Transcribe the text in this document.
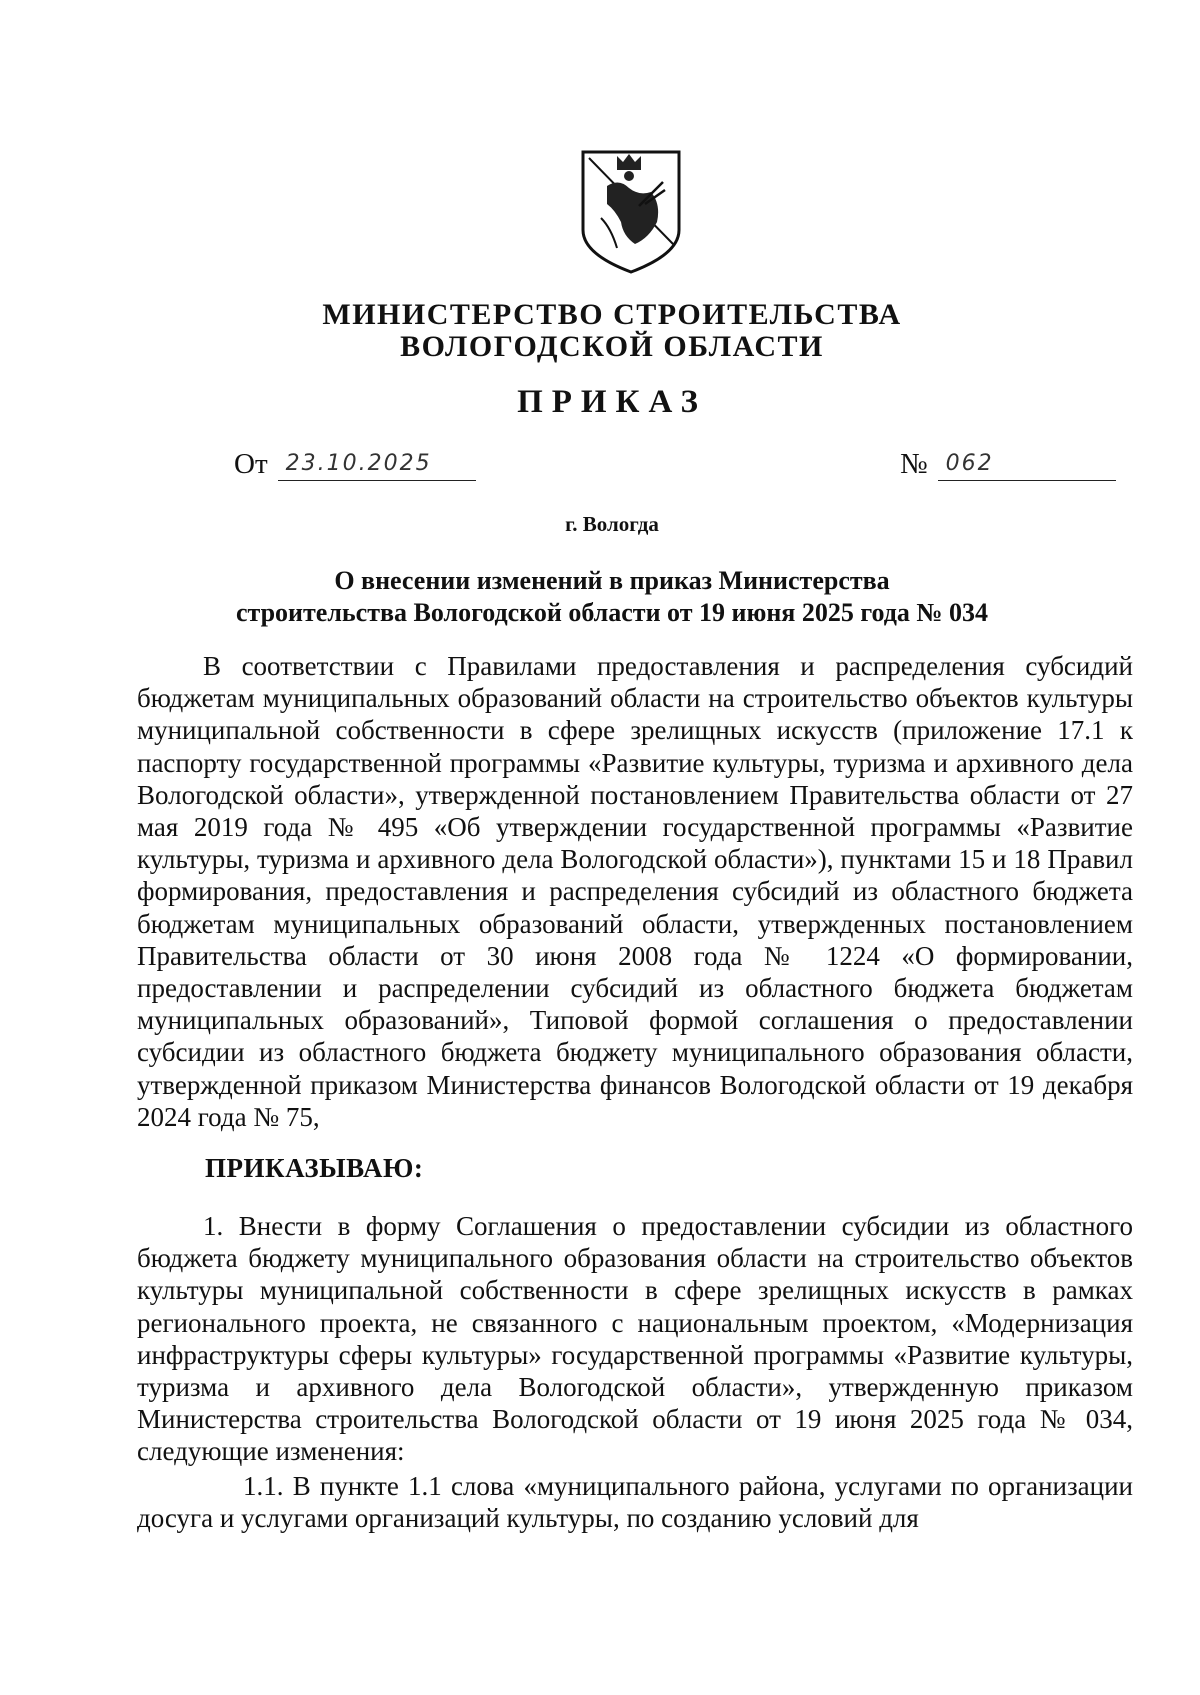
МИНИСТЕРСТВО СТРОИТЕЛЬСТВА
ВОЛОГОДСКОЙ ОБЛАСТИ
ПРИКАЗ
От 23.10.2025	№ 062
г. Вологда
О внесении изменений в приказ Министерства
строительства Вологодской области от 19 июня 2025 года № 034
В соответствии с Правилами предоставления и распределения субсидий бюджетам муниципальных образований области на строительство объектов культуры муниципальной собственности в сфере зрелищных искусств (приложение 17.1 к паспорту государственной программы «Развитие культуры, туризма и архивного дела Вологодской области», утвержденной постановлением Правительства области от 27 мая 2019 года № 495 «Об утверждении государственной программы «Развитие культуры, туризма и архивного дела Вологодской области»), пунктами 15 и 18 Правил формирования, предоставления и распределения субсидий из областного бюджета бюджетам муниципальных образований области, утвержденных постановлением Правительства области от 30 июня 2008 года № 1224 «О формировании, предоставлении и распределении субсидий из областного бюджета бюджетам муниципальных образований», Типовой формой соглашения о предоставлении субсидии из областного бюджета бюджету муниципального образования области, утвержденной приказом Министерства финансов Вологодской области от 19 декабря 2024 года № 75,
ПРИКАЗЫВАЮ:
1. Внести в форму Соглашения о предоставлении субсидии из областного бюджета бюджету муниципального образования области на строительство объектов культуры муниципальной собственности в сфере зрелищных искусств в рамках регионального проекта, не связанного с национальным проектом, «Модернизация инфраструктуры сферы культуры» государственной программы «Развитие культуры, туризма и архивного дела Вологодской области», утвержденную приказом Министерства строительства Вологодской области от 19 июня 2025 года № 034, следующие изменения:
1.1. В пункте 1.1 слова «муниципального района, услугами по организации досуга и услугами организаций культуры, по созданию условий для
